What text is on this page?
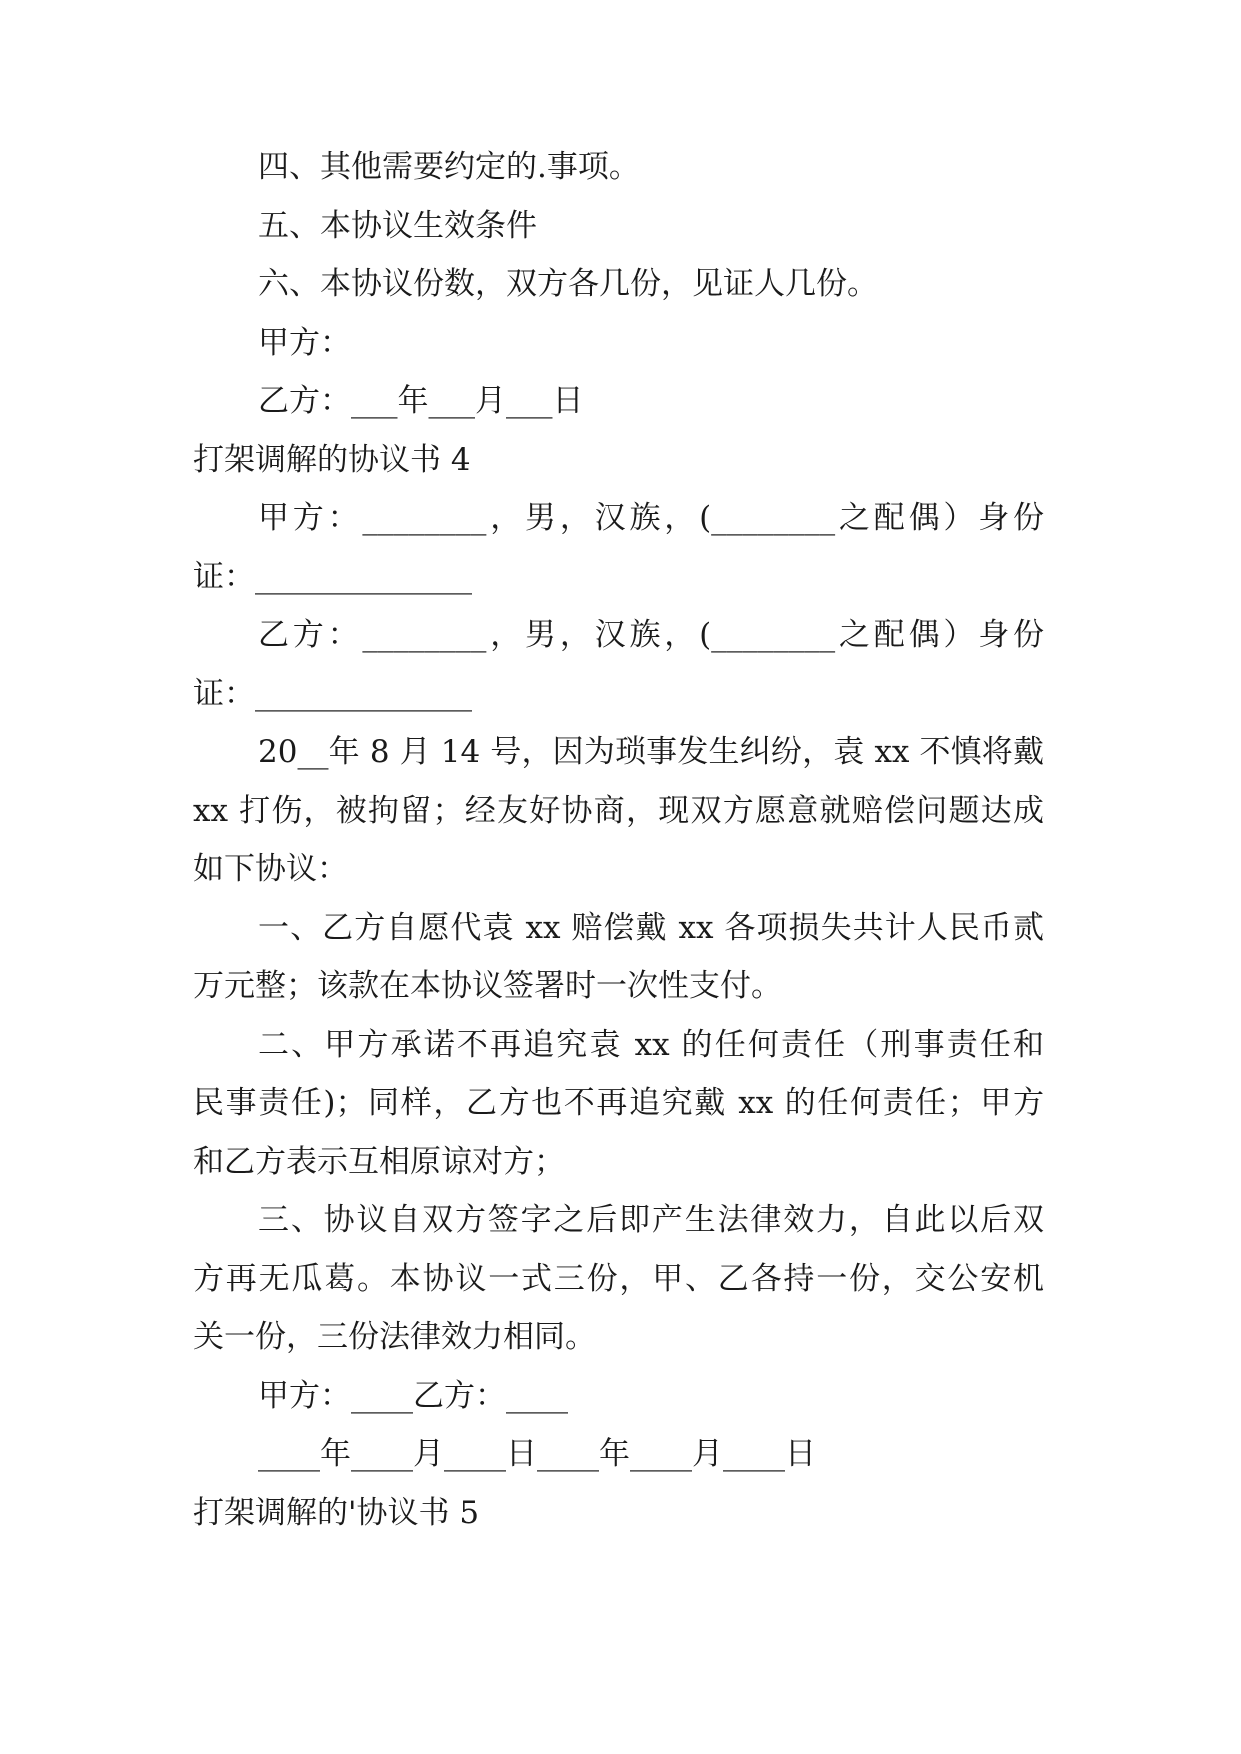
四、其他需要约定的.事项。
五、本协议生效条件
六、本协议份数，双方各几份，见证人几份。
甲方：
乙方：___年___月___日
打架调解的协议书 4
甲方：________，男，汉族，(________之配偶）身份
证：______________
乙方：________，男，汉族，(________之配偶）身份
证：______________
20__年 8 月 14 号，因为琐事发生纠纷，袁 xx 不慎将戴
xx 打伤，被拘留；经友好协商，现双方愿意就赔偿问题达成
如下协议：
一、乙方自愿代袁 xx 赔偿戴 xx 各项损失共计人民币贰
万元整；该款在本协议签署时一次性支付。
二、甲方承诺不再追究袁 xx 的任何责任（刑事责任和
民事责任)；同样，乙方也不再追究戴 xx 的任何责任；甲方
和乙方表示互相原谅对方；
三、协议自双方签字之后即产生法律效力，自此以后双
方再无瓜葛。本协议一式三份，甲、乙各持一份，交公安机
关一份，三份法律效力相同。
甲方：____乙方：____
____年____月____日____年____月____日
打架调解的'协议书 5
